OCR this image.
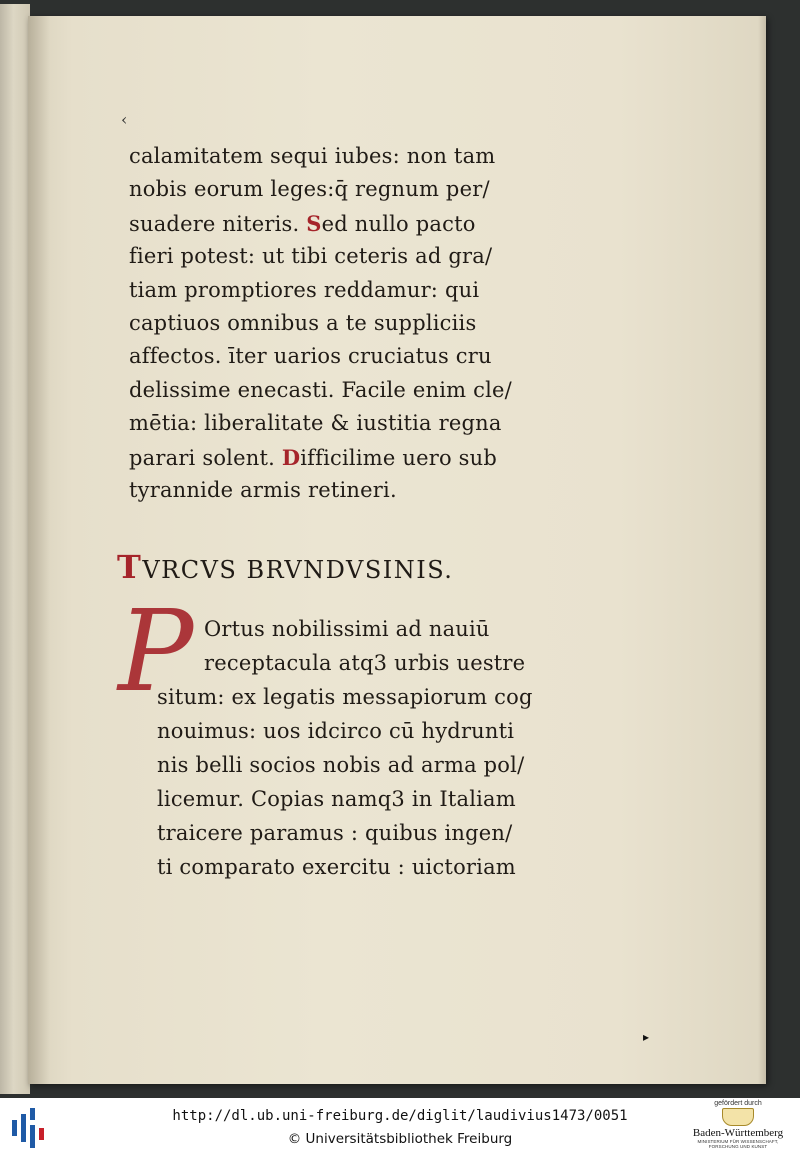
‹
calamitatem sequi iubes: non tam
nobis eorum leges:q̄ regnum per/
suadere niteris. Sed nullo pacto
fieri potest: ut tibi ceteris ad gra/
tiam promptiores reddamur: qui
captiuos omnibus a te suppliciis
affectos. īter uarios cruciatus cru
delissime enecasti. Facile enim cle/
mētia: liberalitate & iustitia regna
parari solent. Difficilime uero sub
tyrannide armis retineri.
TVRCVS BRVNDVSINIS.
P Ortus nobilissimi ad nauiū
receptacula atq3 urbis uestre
situm: ex legatis messapiorum cog
nouimus: uos idcirco cū hydrunti
nis belli socios nobis ad arma pol/
licemur. Copias namq3 in Italiam
traicere paramus : quibus ingen/
ti comparato exercitu : uictoriam
▸
http://dl.ub.uni-freiburg.de/diglit/laudivius1473/0051
© Universitätsbibliothek Freiburg
gefördert durch
Baden-Württemberg
MINISTERIUM FÜR WISSENSCHAFT, FORSCHUNG UND KUNST
